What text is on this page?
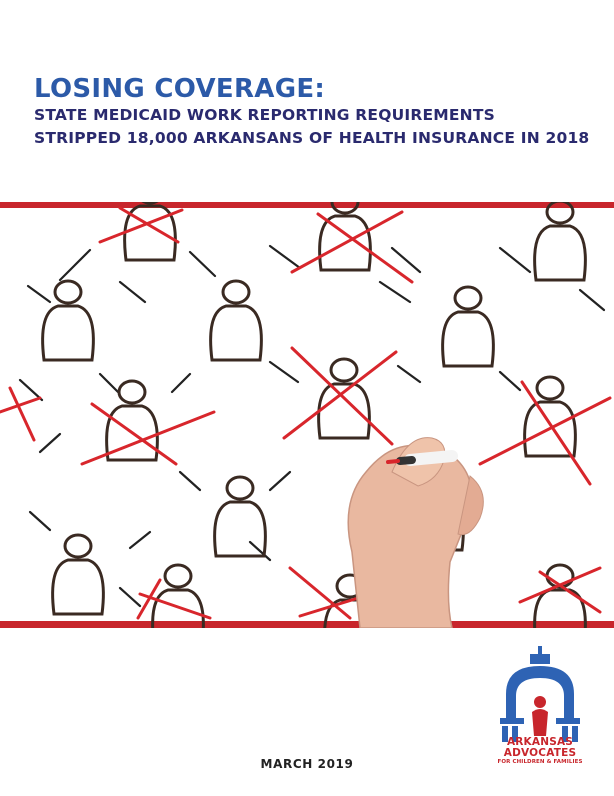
LOSING COVERAGE:

STATE MEDICAID WORK REPORTING REQUIREMENTS

STRIPPED 18,000 ARKANSANS OF HEALTH INSURANCE IN 2018

ARKANSAS
ADVOCATES
FOR CHILDREN & FAMILIES
MARCH 2019
